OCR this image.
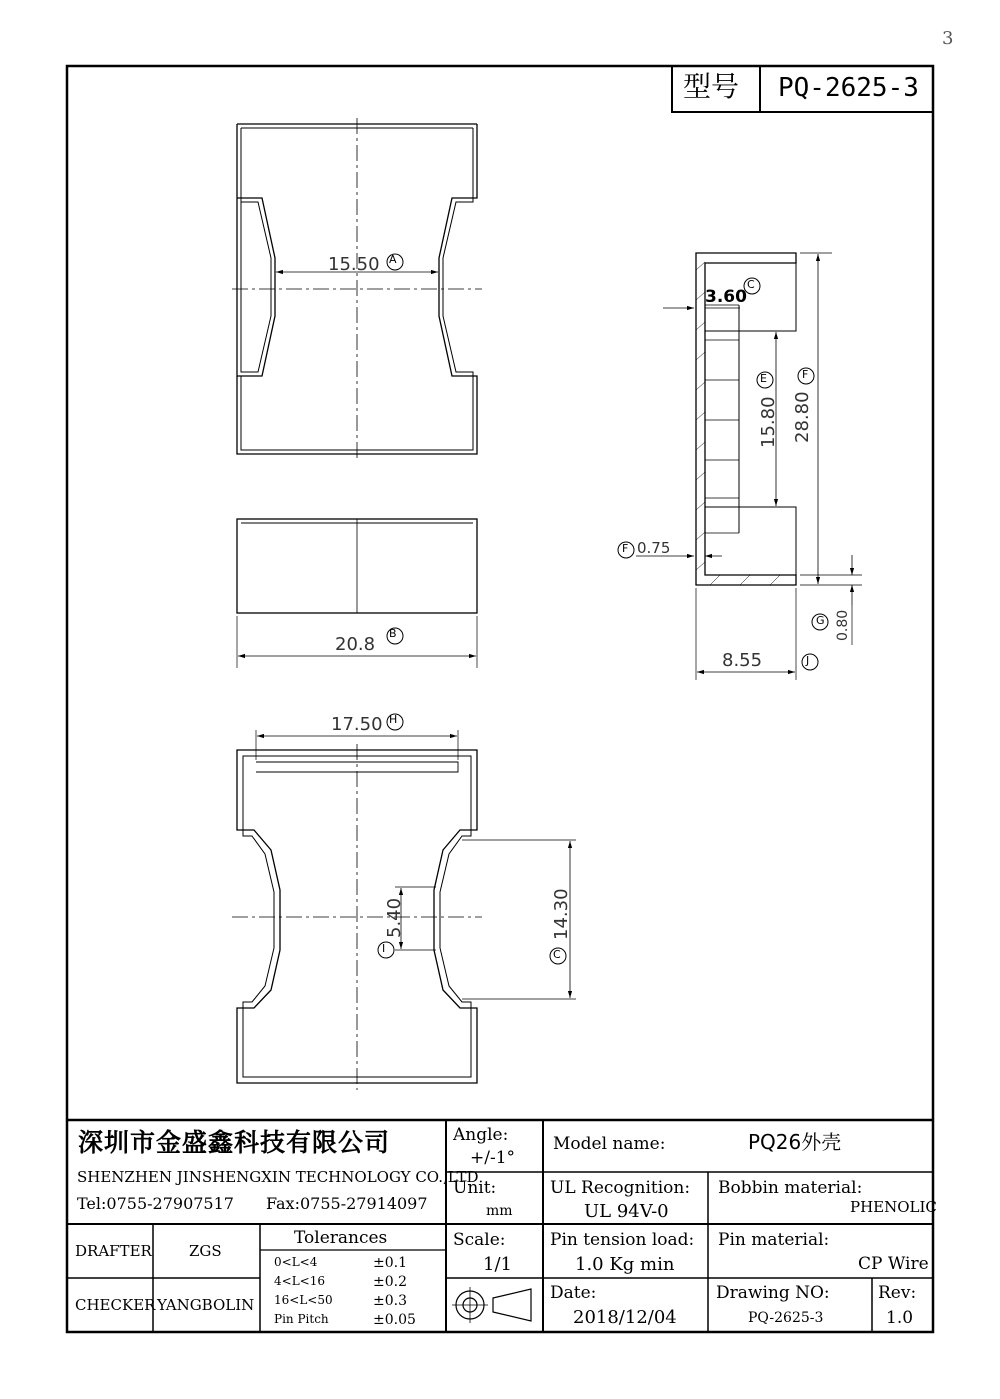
3
型号 PQ-2625-3
15.50 A
20.8
B
17.50 H
5.40
I
14.30
C
3.60
C
15.80
E
28.80
F
F 0.75
G 0.80
8.55	J
深圳市金盛鑫科技有限公司
SHENZHEN JINSHENGXIN TECHNOLOGY CO.,LTD
Tel:0755-27907517 Fax:0755-27914097
Angle:
+/-1°
Unit:
mm
Scale:
1/1
Model name:	PQ26外壳
UL Recognition:
UL 94V-0
Bobbin material:
PHENOLIC
Pin tension load:
1.0 Kg min
Pin material:
CP Wire
Date:
2018/12/04
Drawing NO:
PQ-2625-3
Rev:
1.0
DRAFTER ZGS
CHECKER YANGBOLIN
Tolerances
0<L<4	±0.1
4<L<16	±0.2
16<L<50	±0.3
Pin Pitch	±0.05
